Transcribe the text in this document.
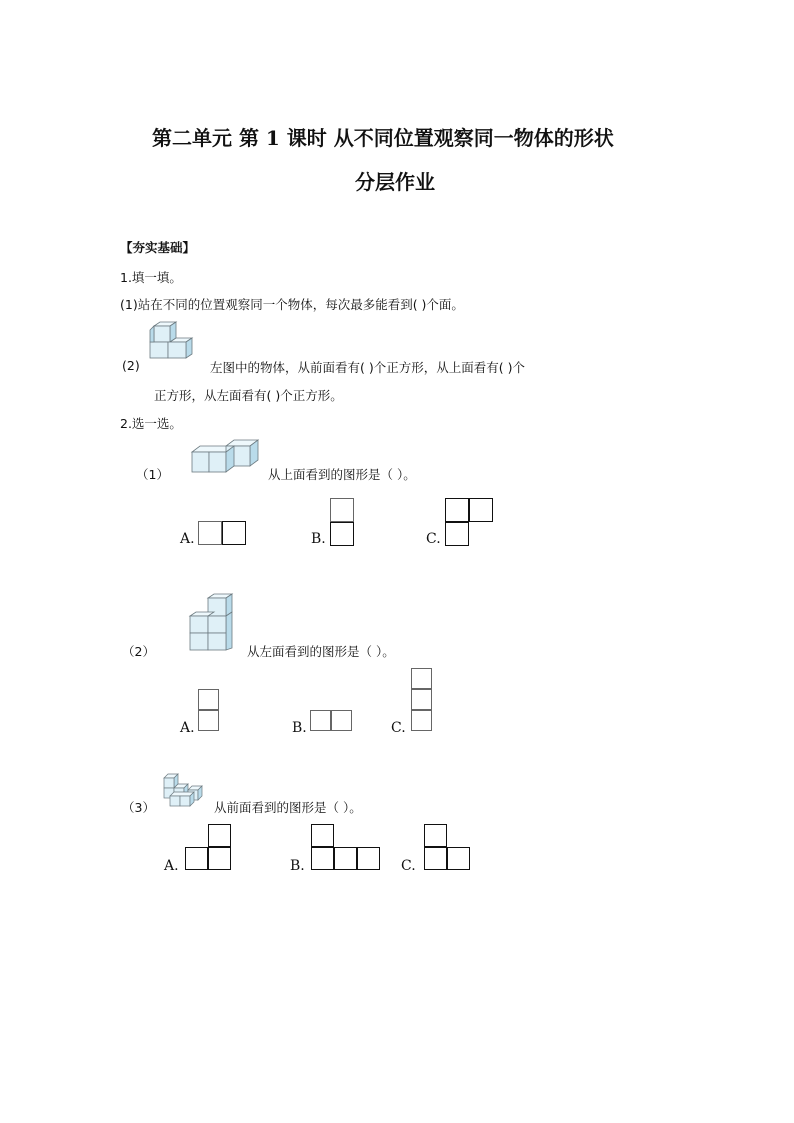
第二单元 第 1 课时 从不同位置观察同一物体的形状
分层作业
【夯实基础】
1.填一填。
(1)站在不同的位置观察同一个物体，每次最多能看到( )个面。
(2)	左图中的物体，从前面看有( )个正方形，从上面看有( )个
正方形，从左面看有( )个正方形。
2.选一选。
（1）	从上面看到的图形是（ ）。
A.	B.	C.
（2）	从左面看到的图形是（ ）。
A.	B.	C.
（3）	从前面看到的图形是（ ）。
A.	B.	C.
